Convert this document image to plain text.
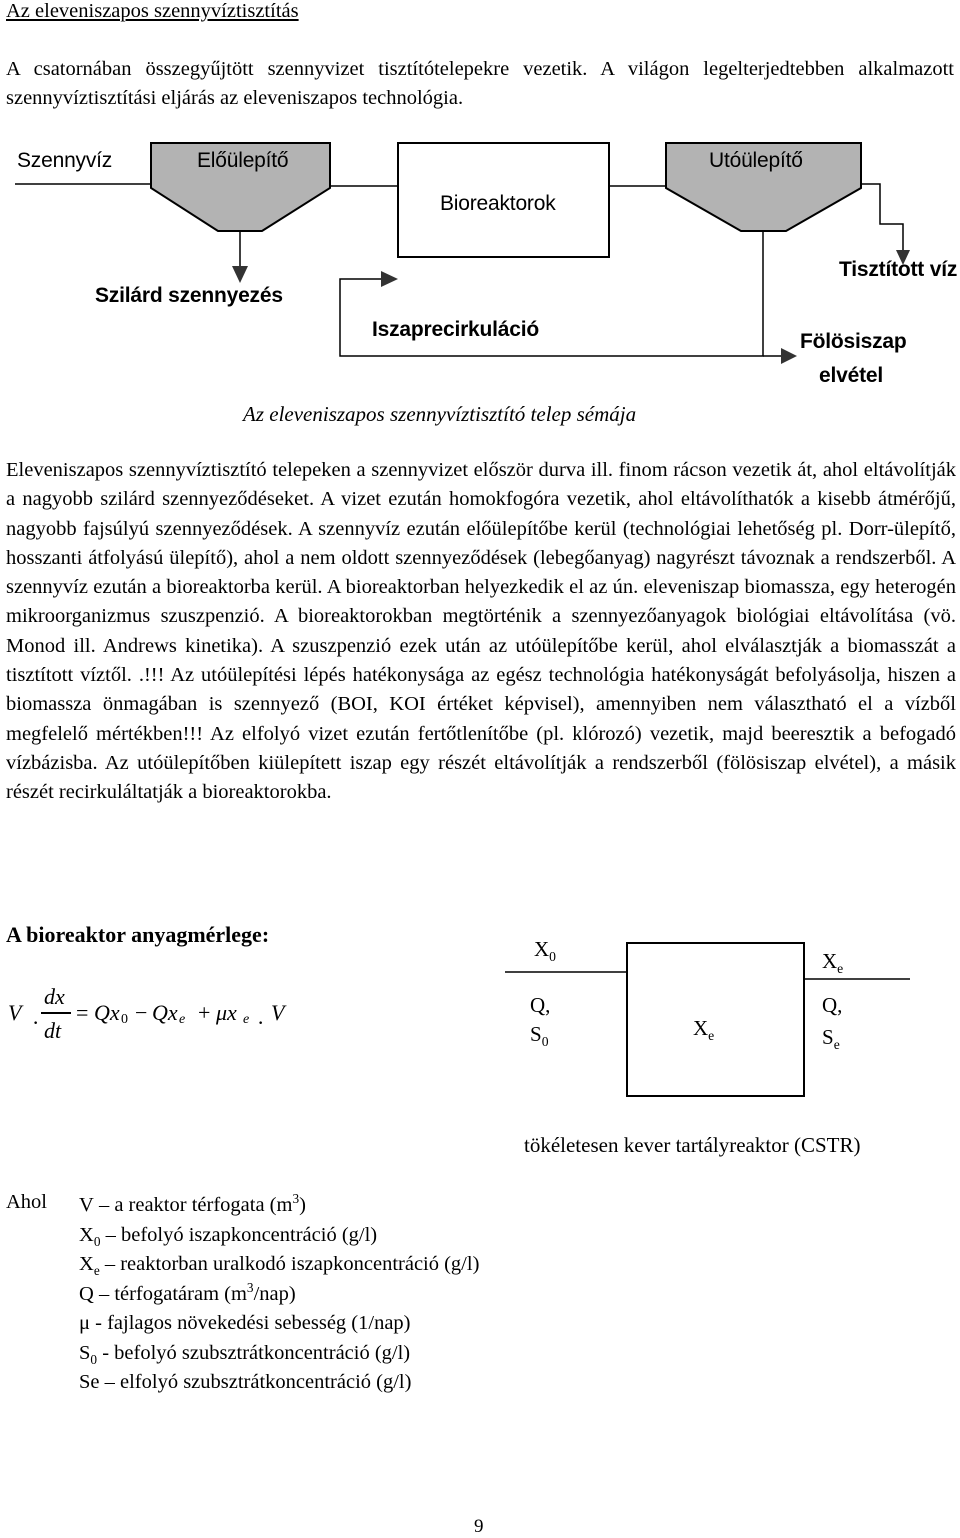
Az eleveniszapos szennyvíztisztítás
A csatornában összegyűjtött szennyvizet tisztítótelepekre vezetik. A világon legelterjedtebben alkalmazott szennyvíztisztítási eljárás az eleveniszapos technológia.
Szennyvíz	Előülepítő
Bioreaktorok
Utóülepítő
Tisztított víz
Szilárd szennyezés
Iszaprecirkuláció
Fölösiszap
elvétel
Az eleveniszapos szennyvíztisztító telep sémája
Eleveniszapos szennyvíztisztító telepeken a szennyvizet először durva ill. finom rácson vezetik át, ahol eltávolítják a nagyobb szilárd szennyeződéseket. A vizet ezután homokfogóra vezetik, ahol eltávolíthatók a kisebb átmérőjű, nagyobb fajsúlyú szennyeződések. A szennyvíz ezután előülepítőbe kerül (technológiai lehetőség pl. Dorr-ülepítő, hosszanti átfolyású ülepítő), ahol a nem oldott szennyeződések (lebegőanyag) nagyrészt távoznak a rendszerből. A szennyvíz ezután a bioreaktorba kerül. A bioreaktorban helyezkedik el az ún. eleveniszap biomassza, egy heterogén mikroorganizmus szuszpenzió. A bioreaktorokban megtörténik a szennyezőanyagok biológiai eltávolítása (vö. Monod ill. Andrews kinetika). A szuszpenzió ezek után az utóülepítőbe kerül, ahol elválasztják a biomasszát a tisztított víztől. .!!! Az utóülepítési lépés hatékonysága az egész technológia hatékonyságát befolyásolja, hiszen a biomassza önmagában is szennyező (BOI, KOI értéket képvisel), amennyiben nem választható el a vízből megfelelő mértékben!!! Az elfolyó vizet ezután fertőtlenítőbe (pl. klórozó) vezetik, majd beeresztik a befogadó vízbázisba. Az utóülepítőben kiülepített iszap egy részét eltávolítják a rendszerből (fölösiszap elvétel), a másik részét recirkuláltatják a bioreaktorokba.
A bioreaktor anyagmérlege:
V ·
dx
dt
= Qx 0 − Qx e + μx e · V
$X_0$
Q,
$S_0$
$X_e$
$X_e$
Q,
$S_e$
tökéletesen kever tartályreaktor (CSTR)
Ahol V – a reaktor térfogata $(m^3)$
$X_0$ – befolyó iszapkoncentráció (g/l)
$X_e$ – reaktorban uralkodó iszapkoncentráció (g/l)
Q – térfogatáram $(m^3/nap)$
μ - fajlagos növekedési sebesség (1/nap)
$S_0$ - befolyó szubsztrátkoncentráció (g/l)
Se – elfolyó szubsztrátkoncentráció (g/l)
9
